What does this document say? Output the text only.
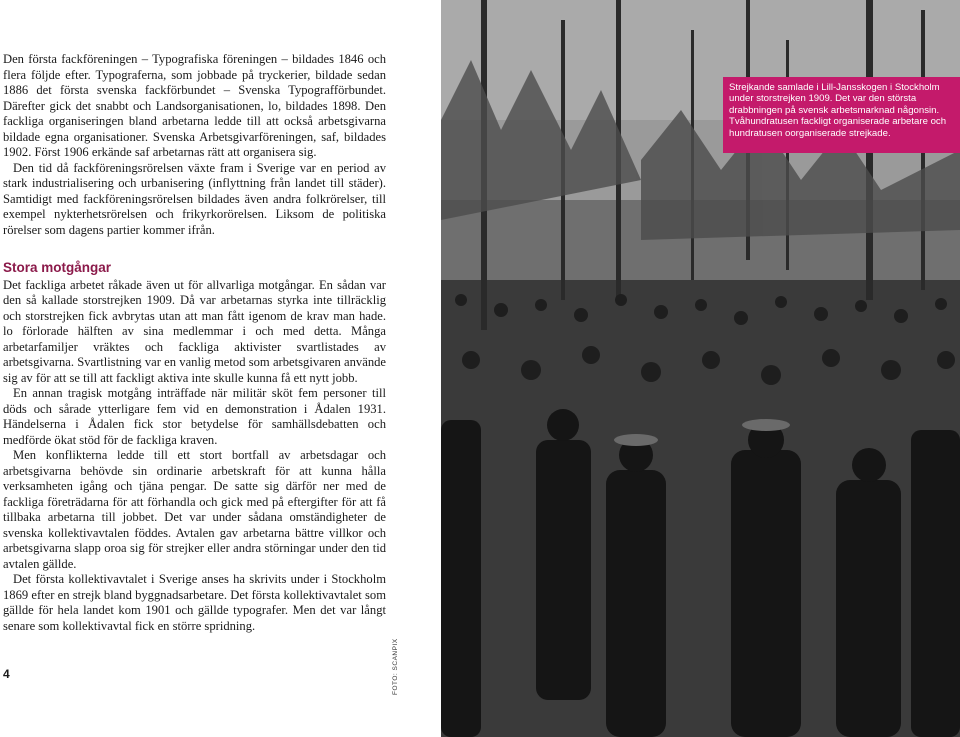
Den första fackföreningen – Typografiska föreningen – bildades 1846 och flera följde efter. Typograferna, som jobbade på tryckerier, bildade sedan 1886 det första svenska fackförbundet – Svenska Typografförbundet. Därefter gick det snabbt och Landsorganisationen, lo, bildades 1898. Den fackliga organiseringen bland arbetarna ledde till att också arbetsgivarna bildade egna organisationer. Svenska Arbetsgivarföreningen, saf, bildades 1902. Först 1906 erkände saf arbetarnas rätt att organisera sig.

Den tid då fackföreningsrörelsen växte fram i Sverige var en period av stark industrialisering och urbanisering (inflyttning från landet till städer). Samtidigt med fackföreningsrörelsen bildades även andra folkrörelser, till exempel nykterhetsrörelsen och frikyrkorörelsen. Liksom de politiska rörelser som dagens partier kommer ifrån.

Stora motgångar

Det fackliga arbetet råkade även ut för allvarliga motgångar. En sådan var den så kallade storstrejken 1909. Då var arbetarnas styrka inte tillräcklig och storstrejken fick avbrytas utan att man fått igenom de krav man hade. lo förlorade hälften av sina medlemmar i och med detta. Många arbetarfamiljer vräktes och fackliga aktivister svartlistades av arbetsgivarna. Svartlistning var en vanlig metod som arbetsgivaren använde sig av för att se till att fackligt aktiva inte skulle kunna få ett nytt jobb.

En annan tragisk motgång inträffade när militär sköt fem personer till döds och sårade ytterligare fem vid en demonstration i Ådalen 1931. Händelserna i Ådalen fick stor betydelse för samhällsdebatten och medförde ökat stöd för de fackliga kraven.

Men konflikterna ledde till ett stort bortfall av arbetsdagar och arbetsgivarna behövde sin ordinarie arbetskraft för att kunna hålla verksamheten igång och tjäna pengar. De satte sig därför ner med de fackliga företrädarna för att förhandla och gick med på eftergifter för att få tillbaka arbetarna till jobbet. Det var under sådana omständigheter de svenska kollektivavtalen föddes. Avtalen gav arbetarna bättre villkor och arbetsgivarna slapp oroa sig för strejker eller andra störningar under den tid avtalen gällde.

Det första kollektivavtalet i Sverige anses ha skrivits under i Stockholm 1869 efter en strejk bland byggnadsarbetare. Det första kollektivavtalet som gällde för hela landet kom 1901 och gällde typografer. Men det var långt senare som kollektivavtal fick en större spridning.

4	FOTO: SCANPIX
Strejkande samlade i Lill-Jansskogen i Stockholm under storstrejken 1909. Det var den största drabbningen på svensk arbetsmarknad någonsin. Tvåhundratusen fackligt organiserade arbetare och hundratusen oorganiserade strejkade.
